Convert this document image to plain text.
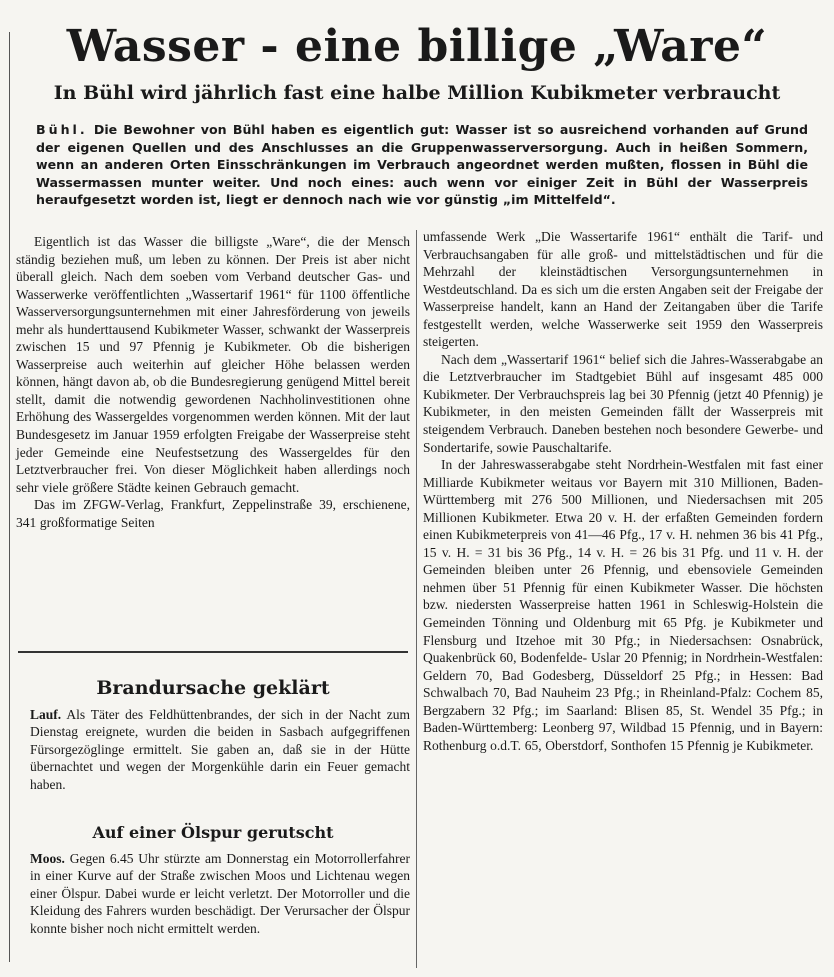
Wasser - eine billige „Ware“
In Bühl wird jährlich fast eine halbe Million Kubikmeter verbraucht
Bühl. Die Bewohner von Bühl haben es eigentlich gut: Wasser ist so ausreichend vorhanden auf Grund der eigenen Quellen und des Anschlusses an die Gruppenwasserversorgung. Auch in heißen Sommern, wenn an anderen Orten Einsschränkungen im Verbrauch angeordnet werden mußten, flossen in Bühl die Wassermassen munter weiter. Und noch eines: auch wenn vor einiger Zeit in Bühl der Wasserpreis heraufgesetzt worden ist, liegt er dennoch nach wie vor günstig „im Mittelfeld“.

Eigentlich ist das Wasser die billigste „Ware“, die der Mensch ständig beziehen muß, um leben zu können. Der Preis ist aber nicht überall gleich. Nach dem soeben vom Verband deutscher Gas- und Wasserwerke veröffentlichten „Wassertarif 1961“ für 1100 öffentliche Wasserversorgungsunternehmen mit einer Jahresförderung von jeweils mehr als hunderttausend Kubikmeter Wasser, schwankt der Wasserpreis zwischen 15 und 97 Pfennig je Kubikmeter. Ob die bisherigen Wasserpreise auch weiterhin auf gleicher Höhe belassen werden können, hängt davon ab, ob die Bundesregierung genügend Mittel bereit stellt, damit die notwendig gewordenen Nachholinvestitionen ohne Erhöhung des Wassergeldes vorgenommen werden können. Mit der laut Bundesgesetz im Januar 1959 erfolgten Freigabe der Wasserpreise steht jeder Gemeinde eine Neufestsetzung des Wassergeldes für den Letztverbraucher frei. Von dieser Möglichkeit haben allerdings noch sehr viele größere Städte keinen Gebrauch gemacht.

Das im ZFGW-Verlag, Frankfurt, Zeppelinstraße 39, erschienene, 341 großformatige Seiten

umfassende Werk „Die Wassertarife 1961“ enthält die Tarif- und Verbrauchsangaben für alle groß- und mittelstädtischen und für die Mehrzahl der kleinstädtischen Versorgungsunternehmen in Westdeutschland. Da es sich um die ersten Angaben seit der Freigabe der Wasserpreise handelt, kann an Hand der Zeitangaben über die Tarife festgestellt werden, welche Wasserwerke seit 1959 den Wasserpreis steigerten.

Nach dem „Wassertarif 1961“ belief sich die Jahres-Wasserabgabe an die Letztverbraucher im Stadtgebiet Bühl auf insgesamt 485 000 Kubikmeter. Der Verbrauchspreis lag bei 30 Pfennig (jetzt 40 Pfennig) je Kubikmeter, in den meisten Gemeinden fällt der Wasserpreis mit steigendem Verbrauch. Daneben bestehen noch besondere Gewerbe- und Sondertarife, sowie Pauschaltarife.

In der Jahreswasserabgabe steht Nordrhein-Westfalen mit fast einer Milliarde Kubikmeter weitaus vor Bayern mit 310 Millionen, Baden-Württemberg mit 276 500 Millionen, und Niedersachsen mit 205 Millionen Kubikmeter. Etwa 20 v. H. der erfaßten Gemeinden fordern einen Kubikmeterpreis von 41—46 Pfg., 17 v. H. nehmen 36 bis 41 Pfg., 15 v. H. = 31 bis 36 Pfg., 14 v. H. = 26 bis 31 Pfg. und 11 v. H. der Gemeinden bleiben unter 26 Pfennig, und ebensoviele Gemeinden nehmen über 51 Pfennig für einen Kubikmeter Wasser. Die höchsten bzw. niedersten Wasserpreise hatten 1961 in Schleswig-Holstein die Gemeinden Tönning und Oldenburg mit 65 Pfg. je Kubikmeter und Flensburg und Itzehoe mit 30 Pfg.; in Niedersachsen: Osnabrück, Quakenbrück 60, Bodenfelde- Uslar 20 Pfennig; in Nordrhein-Westfalen: Geldern 70, Bad Godesberg, Düsseldorf 25 Pfg.; in Hessen: Bad Schwalbach 70, Bad Nauheim 23 Pfg.; in Rheinland-Pfalz: Cochem 85, Bergzabern 32 Pfg.; im Saarland: Blisen 85, St. Wendel 35 Pfg.; in Baden-Württemberg: Leonberg 97, Wildbad 15 Pfennig, und in Bayern: Rothenburg o.d.T. 65, Oberstdorf, Sonthofen 15 Pfennig je Kubikmeter.

Brandursache geklärt
Lauf. Als Täter des Feldhüttenbrandes, der sich in der Nacht zum Dienstag ereignete, wurden die beiden in Sasbach aufgegriffenen Fürsorgezöglinge ermittelt. Sie gaben an, daß sie in der Hütte übernachtet und wegen der Morgenkühle darin ein Feuer gemacht haben.
Auf einer Ölspur gerutscht
Moos. Gegen 6.45 Uhr stürzte am Donnerstag ein Motorrollerfahrer in einer Kurve auf der Straße zwischen Moos und Lichtenau wegen einer Ölspur. Dabei wurde er leicht verletzt. Der Motorroller und die Kleidung des Fahrers wurden beschädigt. Der Verursacher der Ölspur konnte bisher noch nicht ermittelt werden.
